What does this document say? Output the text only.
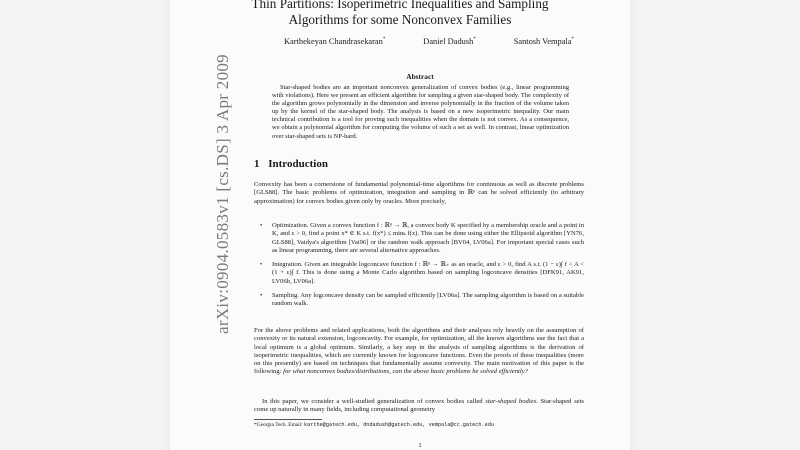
arXiv:0904.0583v1 [cs.DS] 3 Apr 2009
Thin Partitions: Isoperimetric Inequalities and Sampling
Algorithms for some Nonconvex Families
Karthekeyan Chandrasekaran*	Daniel Dadush*	Santosh Vempala*
Abstract
Star-shaped bodies are an important nonconvex generalization of convex bodies (e.g., linear programming with violations). Here we present an efficient algorithm for sampling a given star-shaped body. The complexity of the algorithm grows polynomially in the dimension and inverse polynomially in the fraction of the volume taken up by the kernel of the star-shaped body. The analysis is based on a new isoperimetric inequality. Our main technical contribution is a tool for proving such inequalities when the domain is not convex. As a consequence, we obtain a polynomial algorithm for computing the volume of such a set as well. In contrast, linear optimization over star-shaped sets is NP-hard.
1 Introduction
Convexity has been a cornerstone of fundamental polynomial-time algorithms for continuous as well as discrete problems [GLS88]. The basic problems of optimization, integration and sampling in ℝⁿ can be solved efficiently (to arbitrary approximation) for convex bodies given only by oracles. More precisely,
• Optimization. Given a convex function f : ℝⁿ → ℝ, a convex body K specified by a membership oracle and a point in K, and ε > 0, find a point x* ∈ K s.t. f(x*) ≤ minₖ f(x). This can be done using either the Ellipsoid algorithm [YN76, GLS88], Vaidya's algorithm [Vai96] or the random walk approach [BV04, LV06a]. For important special cases such as linear programming, there are several alternative approaches.
• Integration. Given an integrable logconcave function f : ℝⁿ → ℝ₊ as an oracle, and ε > 0, find A s.t. (1 − ε)∫ f < A < (1 + ε)∫ f. This is done using a Monte Carlo algorithm based on sampling logconcave densities [DFK91, AK91, LV06b, LV06a].
• Sampling. Any logconcave density can be sampled efficiently [LV06a]. The sampling algorithm is based on a suitable random walk.
For the above problems and related applications, both the algorithms and their analyses rely heavily on the assumption of convexity or its natural extension, logconcavity. For example, for optimization, all the known algorithms use the fact that a local optimum is a global optimum. Similarly, a key step in the analysis of sampling algorithms is the derivation of isoperimetric inequalities, which are currently known for logconcave functions. Even the proofs of these inequalities (more on this presently) are based on techniques that fundamentally assume convexity. The main motivation of this paper is the following: for what nonconvex bodies/distributions, can the above basic problems be solved efficiently?
In this paper, we consider a well-studied generalization of convex bodies called star-shaped bodies. Star-shaped sets come up naturally in many fields, including computational geometry
*Georgia Tech. Email: karthe@gatech.edu, dndadush@gatech.edu, vempala@cc.gatech.edu
1
